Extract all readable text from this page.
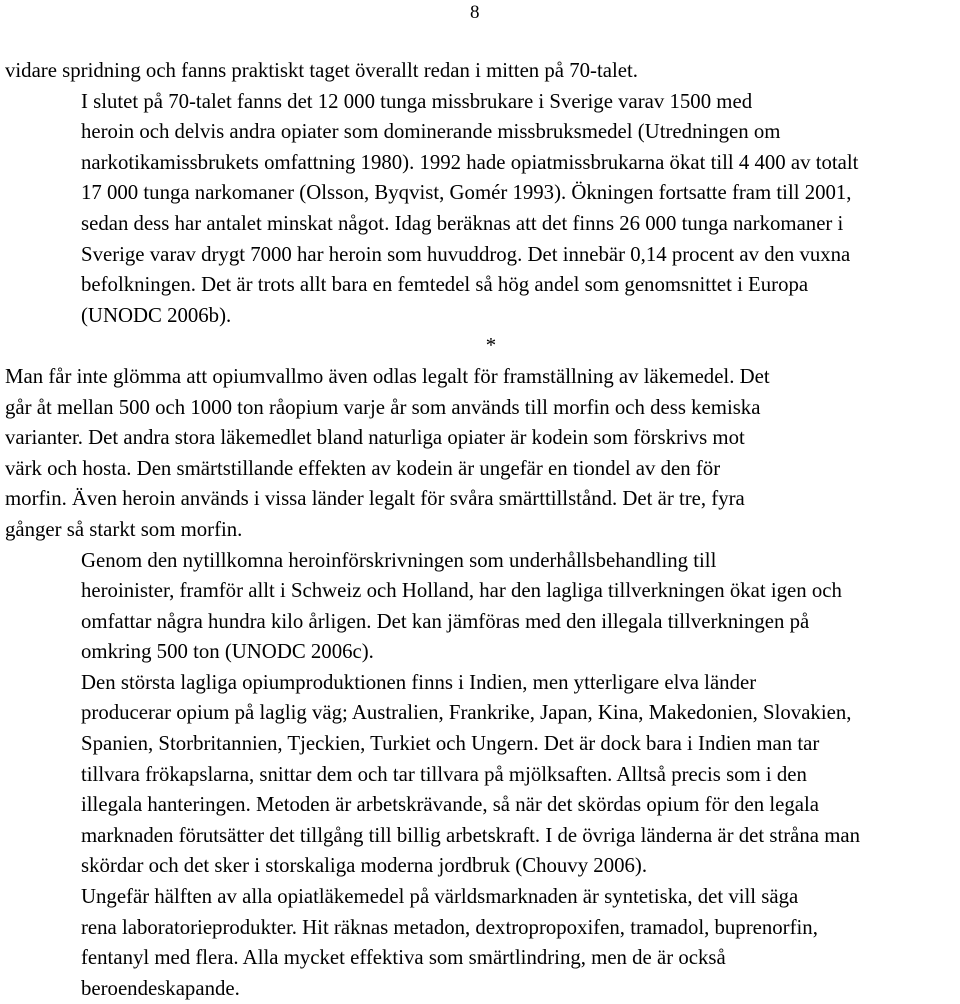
8

vidare spridning och fanns praktiskt taget överallt redan i mitten på 70-talet.

I slutet på 70-talet fanns det 12 000 tunga missbrukare i Sverige varav 1500 med
heroin och delvis andra opiater som dominerande missbruksmedel (Utredningen om
narkotikamissbrukets omfattning 1980). 1992 hade opiatmissbrukarna ökat till 4 400 av totalt
17 000 tunga narkomaner (Olsson, Byqvist, Gomér 1993). Ökningen fortsatte fram till 2001,
sedan dess har antalet minskat något. Idag beräknas att det finns 26 000 tunga narkomaner i
Sverige varav drygt 7000 har heroin som huvuddrog. Det innebär 0,14 procent av den vuxna
befolkningen. Det är trots allt bara en femtedel så hög andel som genomsnittet i Europa
(UNODC 2006b).

*

Man får inte glömma att opiumvallmo även odlas legalt för framställning av läkemedel. Det
går åt mellan 500 och 1000 ton råopium varje år som används till morfin och dess kemiska
varianter. Det andra stora läkemedlet bland naturliga opiater är kodein som förskrivs mot
värk och hosta. Den smärtstillande effekten av kodein är ungefär en tiondel av den för
morfin. Även heroin används i vissa länder legalt för svåra smärttillstånd. Det är tre, fyra
gånger så starkt som morfin.

Genom den nytillkomna heroinförskrivningen som underhållsbehandling till
heroinister, framför allt i Schweiz och Holland, har den lagliga tillverkningen ökat igen och
omfattar några hundra kilo årligen. Det kan jämföras med den illegala tillverkningen på
omkring 500 ton (UNODC 2006c).

Den största lagliga opiumproduktionen finns i Indien, men ytterligare elva länder
producerar opium på laglig väg; Australien, Frankrike, Japan, Kina, Makedonien, Slovakien,
Spanien, Storbritannien, Tjeckien, Turkiet och Ungern. Det är dock bara i Indien man tar
tillvara frökapslarna, snittar dem och tar tillvara på mjölksaften. Alltså precis som i den
illegala hanteringen. Metoden är arbetskrävande, så när det skördas opium för den legala
marknaden förutsätter det tillgång till billig arbetskraft. I de övriga länderna är det stråna man
skördar och det sker i storskaliga moderna jordbruk (Chouvy 2006).

Ungefär hälften av alla opiatläkemedel på världsmarknaden är syntetiska, det vill säga
rena laboratorieprodukter. Hit räknas metadon, dextropropoxifen, tramadol, buprenorfin,
fentanyl med flera. Alla mycket effektiva som smärtlindring, men de är också
beroendeskapande.
